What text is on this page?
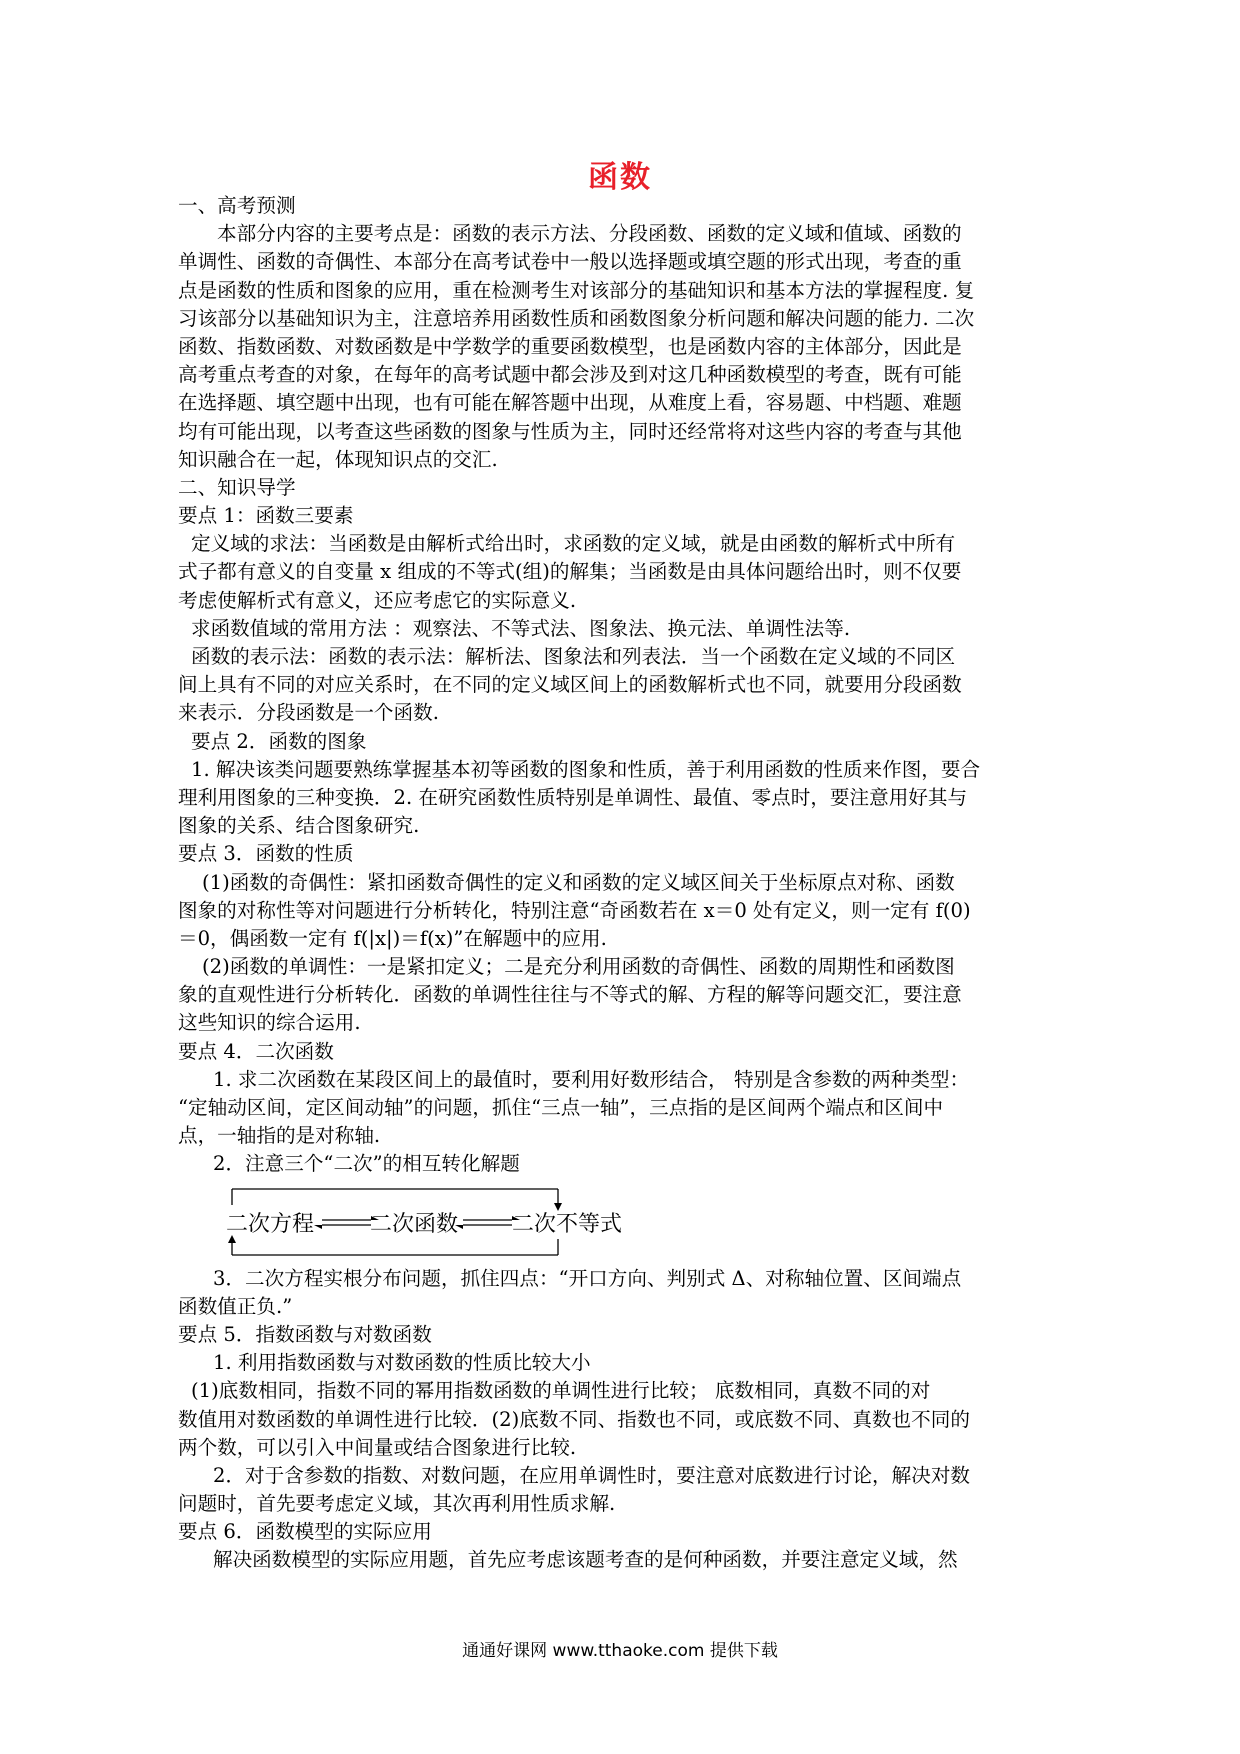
函数
一、高考预测
本部分内容的主要考点是：函数的表示方法、分段函数、函数的定义域和值域、函数的
单调性、函数的奇偶性、本部分在高考试卷中一般以选择题或填空题的形式出现，考查的重
点是函数的性质和图象的应用，重在检测考生对该部分的基础知识和基本方法的掌握程度. 复
习该部分以基础知识为主，注意培养用函数性质和函数图象分析问题和解决问题的能力. 二次
函数、指数函数、对数函数是中学数学的重要函数模型，也是函数内容的主体部分，因此是
高考重点考查的对象，在每年的高考试题中都会涉及到对这几种函数模型的考查，既有可能
在选择题、填空题中出现，也有可能在解答题中出现，从难度上看，容易题、中档题、难题
均有可能出现，以考查这些函数的图象与性质为主，同时还经常将对这些内容的考查与其他
知识融合在一起，体现知识点的交汇.
二、知识导学
要点 1：函数三要素
定义域的求法：当函数是由解析式给出时，求函数的定义域，就是由函数的解析式中所有
式子都有意义的自变量 x 组成的不等式(组)的解集；当函数是由具体问题给出时，则不仅要
考虑使解析式有意义，还应考虑它的实际意义.
求函数值域的常用方法 ：观察法、不等式法、图象法、换元法、单调性法等.
函数的表示法：函数的表示法：解析法、图象法和列表法．当一个函数在定义域的不同区
间上具有不同的对应关系时，在不同的定义域区间上的函数解析式也不同，就要用分段函数
来表示．分段函数是一个函数.
要点 2．函数的图象
1. 解决该类问题要熟练掌握基本初等函数的图象和性质，善于利用函数的性质来作图，要合
理利用图象的三种变换．2. 在研究函数性质特别是单调性、最值、零点时，要注意用好其与
图象的关系、结合图象研究.
要点 3．函数的性质
(1)函数的奇偶性：紧扣函数奇偶性的定义和函数的定义域区间关于坐标原点对称、函数
图象的对称性等对问题进行分析转化，特别注意“奇函数若在 x＝0 处有定义，则一定有 f(0)
＝0，偶函数一定有 f(|x|)＝f(x)”在解题中的应用.
(2)函数的单调性：一是紧扣定义；二是充分利用函数的奇偶性、函数的周期性和函数图
象的直观性进行分析转化．函数的单调性往往与不等式的解、方程的解等问题交汇，要注意
这些知识的综合运用.
要点 4．二次函数
1. 求二次函数在某段区间上的最值时，要利用好数形结合， 特别是含参数的两种类型：
“定轴动区间，定区间动轴”的问题，抓住“三点一轴”，三点指的是区间两个端点和区间中
点，一轴指的是对称轴.
2．注意三个“二次”的相互转化解题
二次方程	二次函数 二次不等式
3．二次方程实根分布问题，抓住四点：“开口方向、判别式 Δ、对称轴位置、区间端点
函数值正负.”
要点 5．指数函数与对数函数
1. 利用指数函数与对数函数的性质比较大小
(1)底数相同，指数不同的幂用指数函数的单调性进行比较； 底数相同，真数不同的对
数值用对数函数的单调性进行比较．(2)底数不同、指数也不同，或底数不同、真数也不同的
两个数，可以引入中间量或结合图象进行比较.
2．对于含参数的指数、对数问题，在应用单调性时，要注意对底数进行讨论，解决对数
问题时，首先要考虑定义域，其次再利用性质求解.
要点 6．函数模型的实际应用
解决函数模型的实际应用题，首先应考虑该题考查的是何种函数，并要注意定义域，然
通通好课网 www.tthaoke.com 提供下载
